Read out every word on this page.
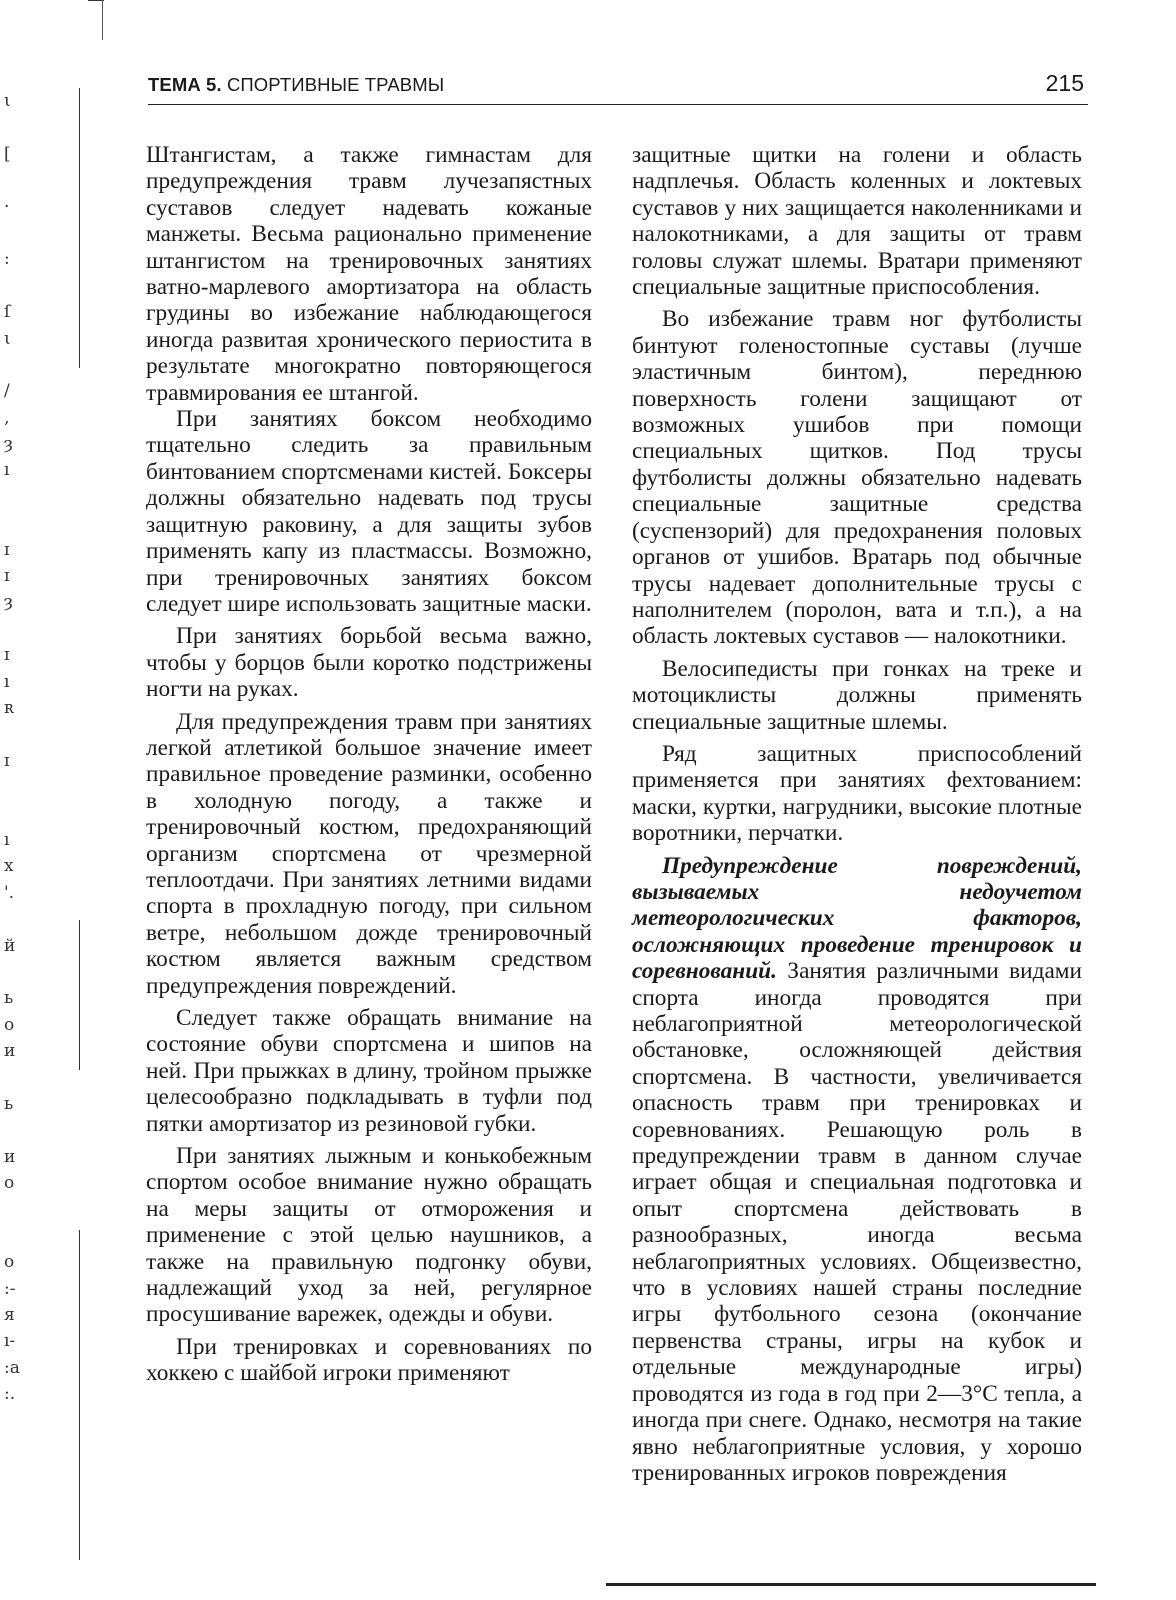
ι
[
·
:
ſ
ι
/
‚
ȝ
ı
ɪ
ɪ
ȝ
ɪ
ı
ʀ
ɪ
ı
x
'.
й
ь
o
и
ь
и
o
o
:-
я
ı-
:a
:.
ТЕМА 5. СПОРТИВНЫЕ ТРАВМЫ	215

Штангистам, а также гимнастам для предупреждения травм лучезапястных суставов следует надевать кожаные манжеты. Весьма рационально применение штангистом на тренировочных занятиях ватно-марлевого амортизатора на область грудины во избежание наблюдающегося иногда развитая хронического периостита в результате многократно повторяющегося травмирования ее штангой.

При занятиях боксом необходимо тщательно следить за правильным бинтованием спортсменами кистей. Боксеры должны обязательно надевать под трусы защитную раковину, а для защиты зубов применять капу из пластмассы. Возможно, при тренировочных занятиях боксом следует шире использовать защитные маски.

При занятиях борьбой весьма важно, чтобы у борцов были коротко подстрижены ногти на руках.

Для предупреждения травм при занятиях легкой атлетикой большое значение имеет правильное проведение разминки, особенно в холодную погоду, а также и тренировочный костюм, предохраняющий организм спортсмена от чрезмерной теплоотдачи. При занятиях летними видами спорта в прохладную погоду, при сильном ветре, небольшом дожде тренировочный костюм является важным средством предупреждения повреждений.

Следует также обращать внимание на состояние обуви спортсмена и шипов на ней. При прыжках в длину, тройном прыжке целесообразно подкладывать в туфли под пятки амортизатор из резиновой губки.

При занятиях лыжным и конькобежным спортом особое внимание нужно обращать на меры защиты от отморожения и применение с этой целью наушников, а также на правильную подгонку обуви, надлежащий уход за ней, регулярное просушивание варежек, одежды и обуви.

При тренировках и соревнованиях по хоккею с шайбой игроки применяют

защитные щитки на голени и область надплечья. Область коленных и локтевых суставов у них защищается наколенниками и налокотниками, а для защиты от травм головы служат шлемы. Вратари применяют специальные защитные приспособления.

Во избежание травм ног футболисты бинтуют голеностопные суставы (лучше эластичным бинтом), переднюю поверхность голени защищают от возможных ушибов при помощи специальных щитков. Под трусы футболисты должны обязательно надевать специальные защитные средства (суспензорий) для предохранения половых органов от ушибов. Вратарь под обычные трусы надевает дополнительные трусы с наполнителем (поролон, вата и т.п.), а на область локтевых суставов — налокотники.

Велосипедисты при гонках на треке и мотоциклисты должны применять специальные защитные шлемы.

Ряд защитных приспособлений применяется при занятиях фехтованием: маски, куртки, нагрудники, высокие плотные воротники, перчатки.

Предупреждение повреждений, вызываемых недоучетом метеорологических факторов, осложняющих проведение тренировок и соревнований. Занятия различными видами спорта иногда проводятся при неблагоприятной метеорологической обстановке, осложняющей действия спортсмена. В частности, увеличивается опасность травм при тренировках и соревнованиях. Решающую роль в предупреждении травм в данном случае играет общая и специальная подготовка и опыт спортсмена действовать в разнообразных, иногда весьма неблагоприятных условиях. Общеизвестно, что в условиях нашей страны последние игры футбольного сезона (окончание первенства страны, игры на кубок и отдельные международные игры) проводятся из года в год при 2—3°С тепла, а иногда при снеге. Однако, несмотря на такие явно неблагоприятные условия, у хорошо тренированных игроков повреждения
